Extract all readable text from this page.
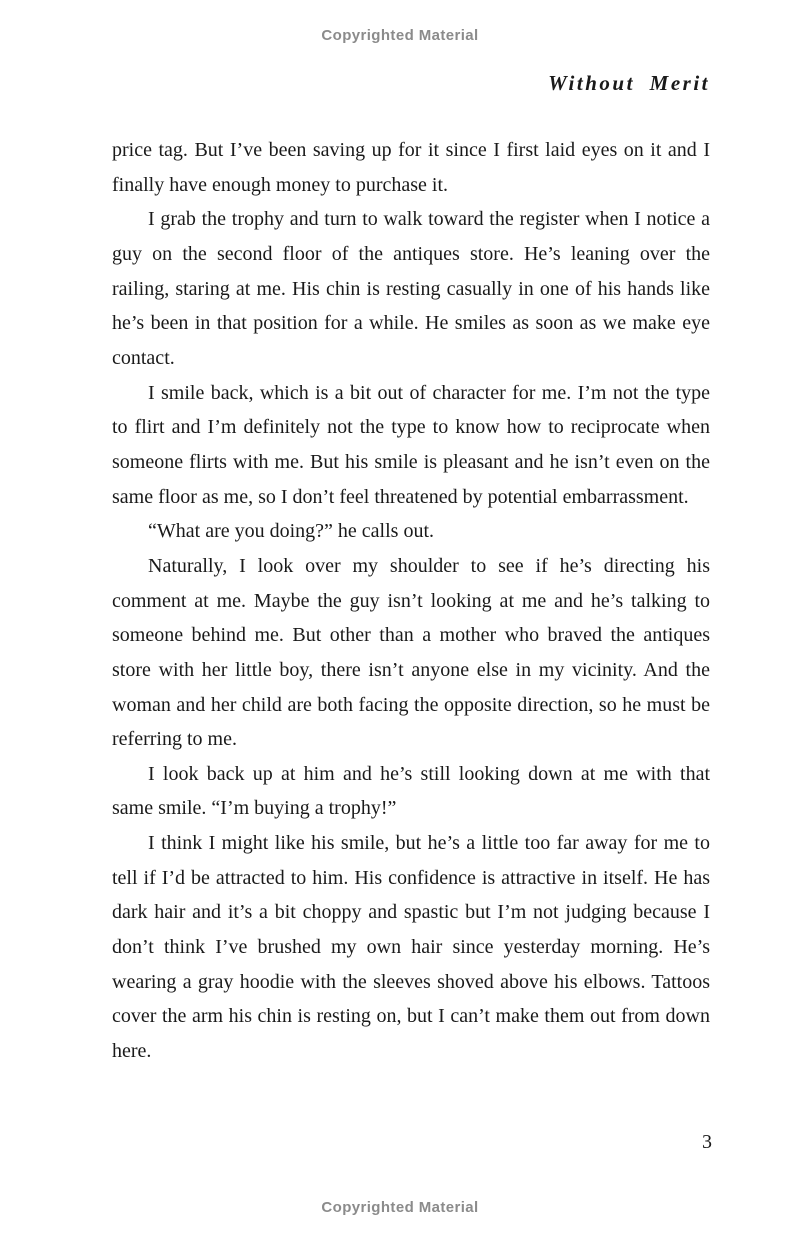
Copyrighted Material
Without Merit

price tag. But I’ve been saving up for it since I first laid eyes on it and I finally have enough money to purchase it.

I grab the trophy and turn to walk toward the register when I notice a guy on the second floor of the antiques store. He’s leaning over the railing, staring at me. His chin is resting casually in one of his hands like he’s been in that position for a while. He smiles as soon as we make eye contact.

I smile back, which is a bit out of character for me. I’m not the type to flirt and I’m definitely not the type to know how to reciprocate when someone flirts with me. But his smile is pleasant and he isn’t even on the same floor as me, so I don’t feel threatened by potential embarrassment.

“What are you doing?” he calls out.

Naturally, I look over my shoulder to see if he’s directing his comment at me. Maybe the guy isn’t looking at me and he’s talking to someone behind me. But other than a mother who braved the antiques store with her little boy, there isn’t anyone else in my vicinity. And the woman and her child are both facing the opposite direction, so he must be referring to me.

I look back up at him and he’s still looking down at me with that same smile. “I’m buying a trophy!”

I think I might like his smile, but he’s a little too far away for me to tell if I’d be attracted to him. His confidence is attractive in itself. He has dark hair and it’s a bit choppy and spastic but I’m not judging because I don’t think I’ve brushed my own hair since yesterday morning. He’s wearing a gray hoodie with the sleeves shoved above his elbows. Tattoos cover the arm his chin is resting on, but I can’t make them out from down here.

3
Copyrighted Material
